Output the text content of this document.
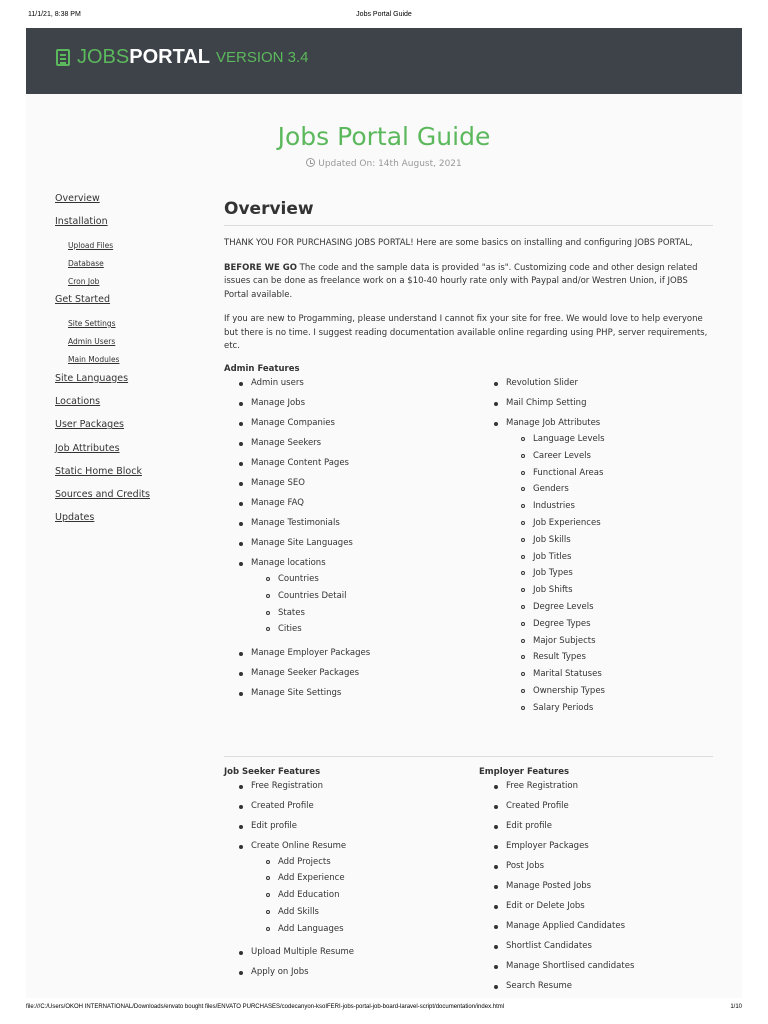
11/1/21, 8:38 PM	Jobs Portal Guide
JOBS PORTAL VERSION 3.4
Jobs Portal Guide
Updated On: 14th August, 2021
Overview
Installation
Upload Files
Database
Cron Job
Get Started
Site Settings
Admin Users
Main Modules
Site Languages
Locations
User Packages
Job Attributes
Static Home Block
Sources and Credits
Updates
Overview

THANK YOU FOR PURCHASING JOBS PORTAL! Here are some basics on installing and configuring JOBS PORTAL,

BEFORE WE GO The code and the sample data is provided "as is". Customizing code and other design related issues can be done as freelance work on a $10-40 hourly rate only with Paypal and/or Westren Union, if JOBS Portal available.

If you are new to Progamming, please understand I cannot fix your site for free. We would love to help everyone but there is no time. I suggest reading documentation available online regarding using PHP, server requirements, etc.

Admin Features
Admin users
Manage Jobs
Manage Companies
Manage Seekers
Manage Content Pages
Manage SEO
Manage FAQ
Manage Testimonials
Manage Site Languages
Manage locations
Countries
Countries Detail
States
Cities
Manage Employer Packages
Manage Seeker Packages
Manage Site Settings
Revolution Slider
Mail Chimp Setting
Manage Job Attributes
Language Levels
Career Levels
Functional Areas
Genders
Industries
Job Experiences
Job Skills
Job Titles
Job Types
Job Shifts
Degree Levels
Degree Types
Major Subjects
Result Types
Marital Statuses
Ownership Types
Salary Periods
Job Seeker Features
Free Registration
Created Profile
Edit profile
Create Online Resume
Add Projects
Add Experience
Add Education
Add Skills
Add Languages
Upload Multiple Resume
Apply on Jobs
Employer Features
Free Registration
Created Profile
Edit profile
Employer Packages
Post Jobs
Manage Posted Jobs
Edit or Delete Jobs
Manage Applied Candidates
Shortlist Candidates
Manage Shortlised candidates
Search Resume
file:///C:/Users/OKOH INTERNATIONAL/Downloads/envato bought files/ENVATO PURCHASES/codecanyon-ksoIFERI-jobs-portal-job-board-laravel-script/documentation/index.html	1/10
